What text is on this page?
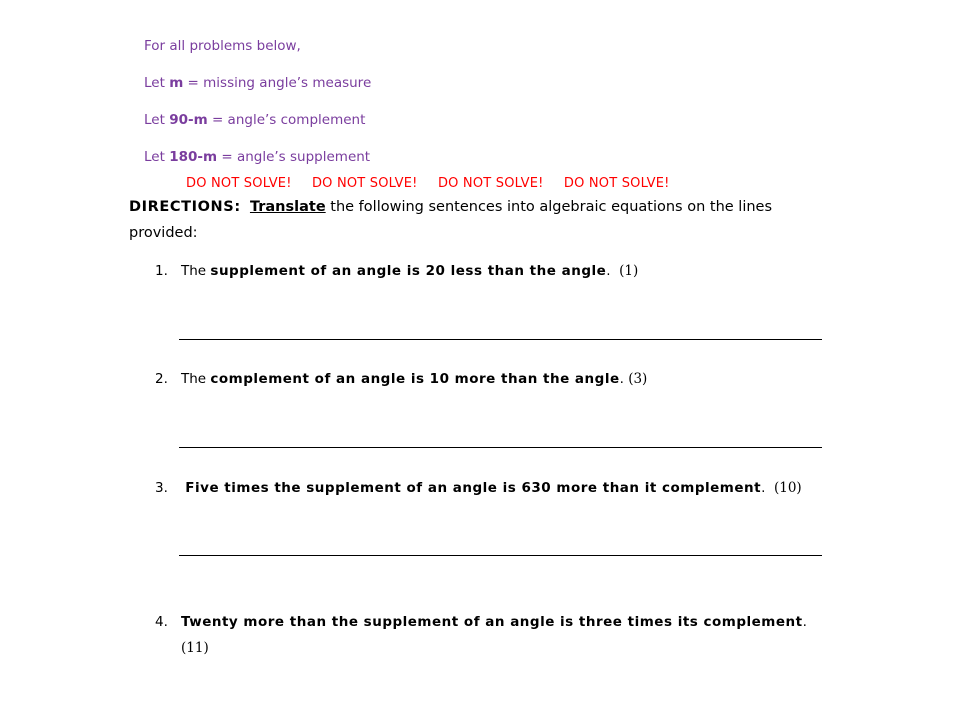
For all problems below,
Let m = missing angle’s measure
Let 90-m = angle’s complement
Let 180-m = angle’s supplement
DO NOT SOLVE! DO NOT SOLVE! DO NOT SOLVE! DO NOT SOLVE!
DIRECTIONS: Translate the following sentences into algebraic equations on the lines provided:
1. The supplement of an angle is 20 less than the angle. (1)
2. The complement of an angle is 10 more than the angle. (3)
3. Five times the supplement of an angle is 630 more than it complement. (10)
4. Twenty more than the supplement of an angle is three times its complement.
(11)
